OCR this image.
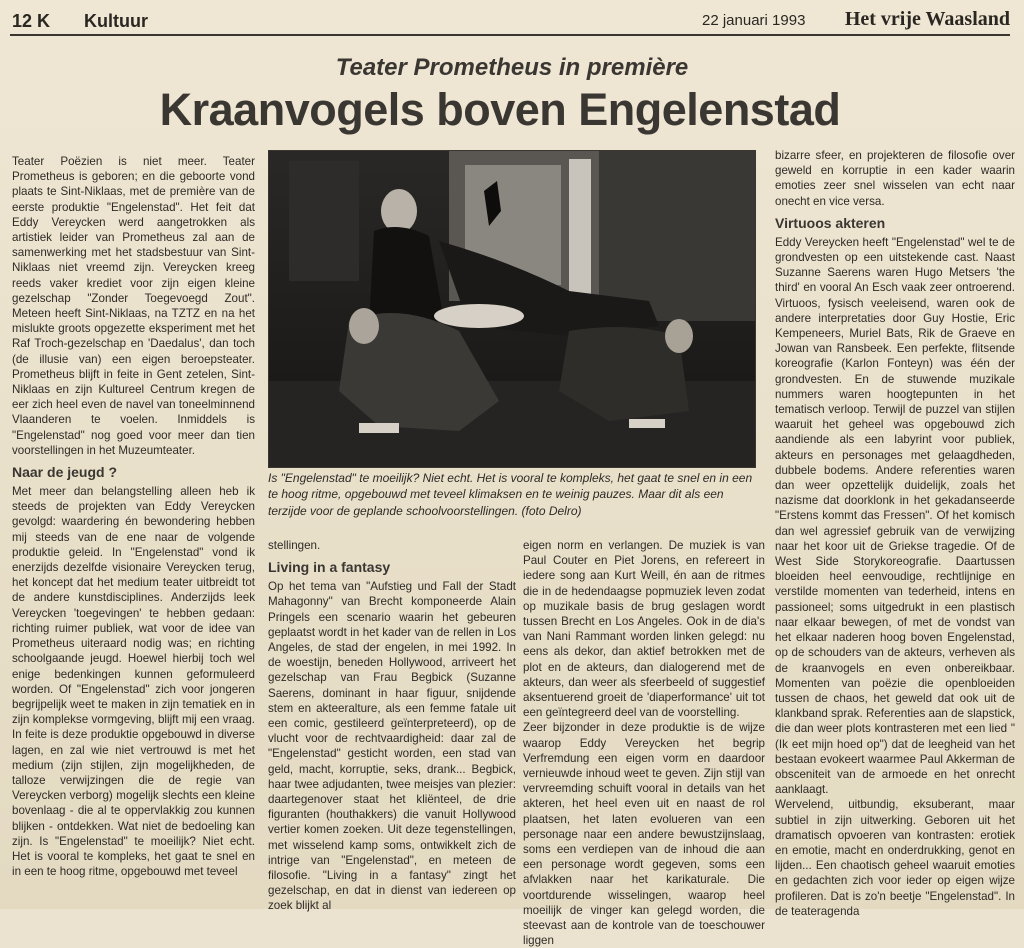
12 K Kultuur	22 januari 1993 Het vrije Waasland
Teater Prometheus in première
Kraanvogels boven Engelenstad

Teater Poëzien is niet meer. Teater Prometheus is geboren; en die geboorte vond plaats te Sint-Niklaas, met de première van de eerste produktie "Engelenstad". Het feit dat Eddy Vereycken werd aangetrokken als artistiek leider van Prometheus zal aan de samenwerking met het stadsbestuur van Sint-Niklaas niet vreemd zijn. Vereycken kreeg reeds vaker krediet voor zijn eigen kleine gezelschap "Zonder Toegevoegd Zout". Meteen heeft Sint-Niklaas, na TZTZ en na het mislukte groots opgezette eksperiment met het Raf Troch-gezelschap en 'Daedalus', dan toch (de illusie van) een eigen beroepsteater. Prometheus blijft in feite in Gent zetelen, Sint-Niklaas en zijn Kultureel Centrum kregen de eer zich heel even de navel van toneelminnend Vlaanderen te voelen. Inmiddels is "Engelenstad" nog goed voor meer dan tien voorstellingen in het Muzeumteater.

Naar de jeugd ?

Met meer dan belangstelling alleen heb ik steeds de projekten van Eddy Vereycken gevolgd: waardering én bewondering hebben mij steeds van de ene naar de volgende produktie geleid. In "Engelenstad" vond ik enerzijds dezelfde visionaire Vereycken terug, het koncept dat het medium teater uitbreidt tot de andere kunstdisciplines. Anderzijds leek Vereycken 'toegevingen' te hebben gedaan: richting ruimer publiek, wat voor de idee van Prometheus uiteraard nodig was; en richting schoolgaande jeugd. Hoewel hierbij toch wel enige bedenkingen kunnen geformuleerd worden. Of "Engelenstad" zich voor jongeren begrijpelijk weet te maken in zijn tematiek en in zijn komplekse vormgeving, blijft mij een vraag. In feite is deze produktie opgebouwd in diverse lagen, en zal wie niet vertrouwd is met het medium (zijn stijlen, zijn mogelijkheden, de talloze verwijzingen die de regie van Vereycken verborg) mogelijk slechts een kleine bovenlaag - die al te oppervlakkig zou kunnen blijken - ontdekken. Wat niet de bedoeling kan zijn. Is "Engelenstad" te moeilijk? Niet echt. Het is vooral te kompleks, het gaat te snel en in een te hoog ritme, opgebouwd met teveel

Is "Engelenstad" te moeilijk? Niet echt. Het is vooral te kompleks, het gaat te snel en in een te hoog ritme, opgebouwd met teveel klimaksen en te weinig pauzes. Maar dit als een terzijde voor de geplande schoolvoorstellingen. (foto Delro)

stellingen.

Living in a fantasy

Op het tema van "Aufstieg und Fall der Stadt Mahagonny" van Brecht komponeerde Alain Pringels een scenario waarin het gebeuren geplaatst wordt in het kader van de rellen in Los Angeles, de stad der engelen, in mei 1992. In de woestijn, beneden Hollywood, arriveert het gezelschap van Frau Begbick (Suzanne Saerens, dominant in haar figuur, snijdende stem en akteeralture, als een femme fatale uit een comic, gestileerd geïnterpreteerd), op de vlucht voor de rechtvaardigheid: daar zal de "Engelenstad" gesticht worden, een stad van geld, macht, korruptie, seks, drank... Begbick, haar twee adjudanten, twee meisjes van plezier: daartegenover staat het kliënteel, de drie figuranten (houthakkers) die vanuit Hollywood vertier komen zoeken. Uit deze tegenstellingen, met wisselend kamp soms, ontwikkelt zich de intrige van "Engelenstad", en meteen de filosofie. "Living in a fantasy" zingt het gezelschap, en dat in dienst van iedereen op zoek blijkt al

eigen norm en verlangen. De muziek is van Paul Couter en Piet Jorens, en refereert in iedere song aan Kurt Weill, én aan de ritmes die in de hedendaagse popmuziek leven zodat op muzikale basis de brug geslagen wordt tussen Brecht en Los Angeles. Ook in de dia's van Nani Rammant worden linken gelegd: nu eens als dekor, dan aktief betrokken met de plot en de akteurs, dan dialogerend met de akteurs, dan weer als sfeerbeeld of suggestief aksentuerend groeit de 'diaperformance' uit tot een geïntegreerd deel van de voorstelling.

Zeer bijzonder in deze produktie is de wijze waarop Eddy Vereycken het begrip Verfremdung een eigen vorm en daardoor vernieuwde inhoud weet te geven. Zijn stijl van vervreemding schuift vooral in details van het akteren, het heel even uit en naast de rol plaatsen, het laten evolueren van een personage naar een andere bewustzijnslaag, soms een verdiepen van de inhoud die aan een personage wordt gegeven, soms een afvlakken naar het karikaturale. Die voortdurende wisselingen, waarop heel moeilijk de vinger kan gelegd worden, die steevast aan de kontrole van de toeschouwer liggen

bizarre sfeer, en projekteren de filosofie over geweld en korruptie in een kader waarin emoties zeer snel wisselen van echt naar onecht en vice versa.

Virtuoos akteren

Eddy Vereycken heeft "Engelenstad" wel te de grondvesten op een uitstekende cast. Naast Suzanne Saerens waren Hugo Metsers 'the third' en vooral An Esch vaak zeer ontroerend. Virtuoos, fysisch veeleisend, waren ook de andere interpretaties door Guy Hostie, Eric Kempeneers, Muriel Bats, Rik de Graeve en Jowan van Ransbeek. Een perfekte, flitsende koreografie (Karlon Fonteyn) was één der grondvesten. En de stuwende muzikale nummers waren hoogtepunten in het tematisch verloop. Terwijl de puzzel van stijlen waaruit het geheel was opgebouwd zich aandiende als een labyrint voor publiek, akteurs en personages met gelaagdheden, dubbele bodems. Andere referenties waren dan weer opzettelijk duidelijk, zoals het nazisme dat doorklonk in het gekadanseerde "Erstens kommt das Fressen". Of het komisch dan wel agressief gebruik van de verwijzing naar het koor uit de Griekse tragedie. Of de West Side Storykoreografie. Daartussen bloeiden heel eenvoudige, rechtlijnige en verstilde momenten van tederheid, intens en passioneel; soms uitgedrukt in een plastisch naar elkaar bewegen, of met de vondst van het elkaar naderen hoog boven Engelenstad, op de schouders van de akteurs, verheven als de kraanvogels en even onbereikbaar. Momenten van poëzie die openbloeiden tussen de chaos, het geweld dat ook uit de klankband sprak. Referenties aan de slapstick, die dan weer plots kontrasteren met een lied "(Ik eet mijn hoed op") dat de leegheid van het bestaan evokeert waarmee Paul Akkerman de obsceniteit van de armoede en het onrecht aanklaagt.

Wervelend, uitbundig, eksuberant, maar subtiel in zijn uitwerking. Geboren uit het dramatisch opvoeren van kontrasten: erotiek en emotie, macht en onderdrukking, genot en lijden... Een chaotisch geheel waaruit emoties en gedachten zich voor ieder op eigen wijze profileren. Dat is zo'n beetje "Engelenstad". In de teateragenda
